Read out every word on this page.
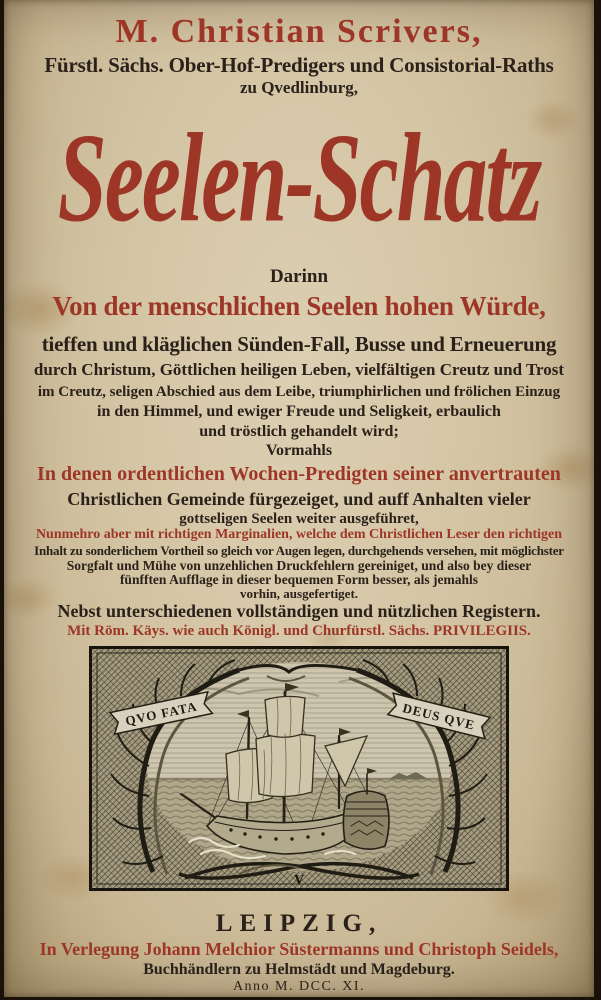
M. Christian Scrivers,
Fürstl. Sächs. Ober-Hof-Predigers und Consistorial-Raths
zu Qvedlinburg,
Seelen-Schatz
Darinn
Von der menschlichen Seelen hohen Würde,
tieffen und kläglichen Sünden-Fall, Busse und Erneuerung
durch Christum, Göttlichen heiligen Leben, vielfältigen Creutz und Trost
im Creutz, seligen Abschied aus dem Leibe, triumphirlichen und frölichen Einzug
in den Himmel, und ewiger Freude und Seligkeit, erbaulich
und tröstlich gehandelt wird;
Vormahls
In denen ordentlichen Wochen-Predigten seiner anvertrauten
Christlichen Gemeinde fürgezeiget, und auff Anhalten vieler
gottseligen Seelen weiter ausgeführet,
Nunmehro aber mit richtigen Marginalien, welche dem Christlichen Leser den richtigen
Inhalt zu sonderlichem Vortheil so gleich vor Augen legen, durchgehends versehen, mit möglichster
Sorgfalt und Mühe von unzehlichen Druckfehlern gereiniget, und also bey dieser
fünfften Aufflage in dieser bequemen Form besser, als jemahls
vorhin, ausgefertiget.
Nebst unterschiedenen vollständigen und nützlichen Registern.
Mit Röm. Käys. wie auch Königl. und Churfürstl. Sächs. PRIVILEGIIS.
QVO FATA	DEUS QVE
V
LEIPZIG,
In Verlegung Johann Melchior Süstermanns und Christoph Seidels,
Buchhändlern zu Helmstädt und Magdeburg.
Anno M. DCC. XI.
